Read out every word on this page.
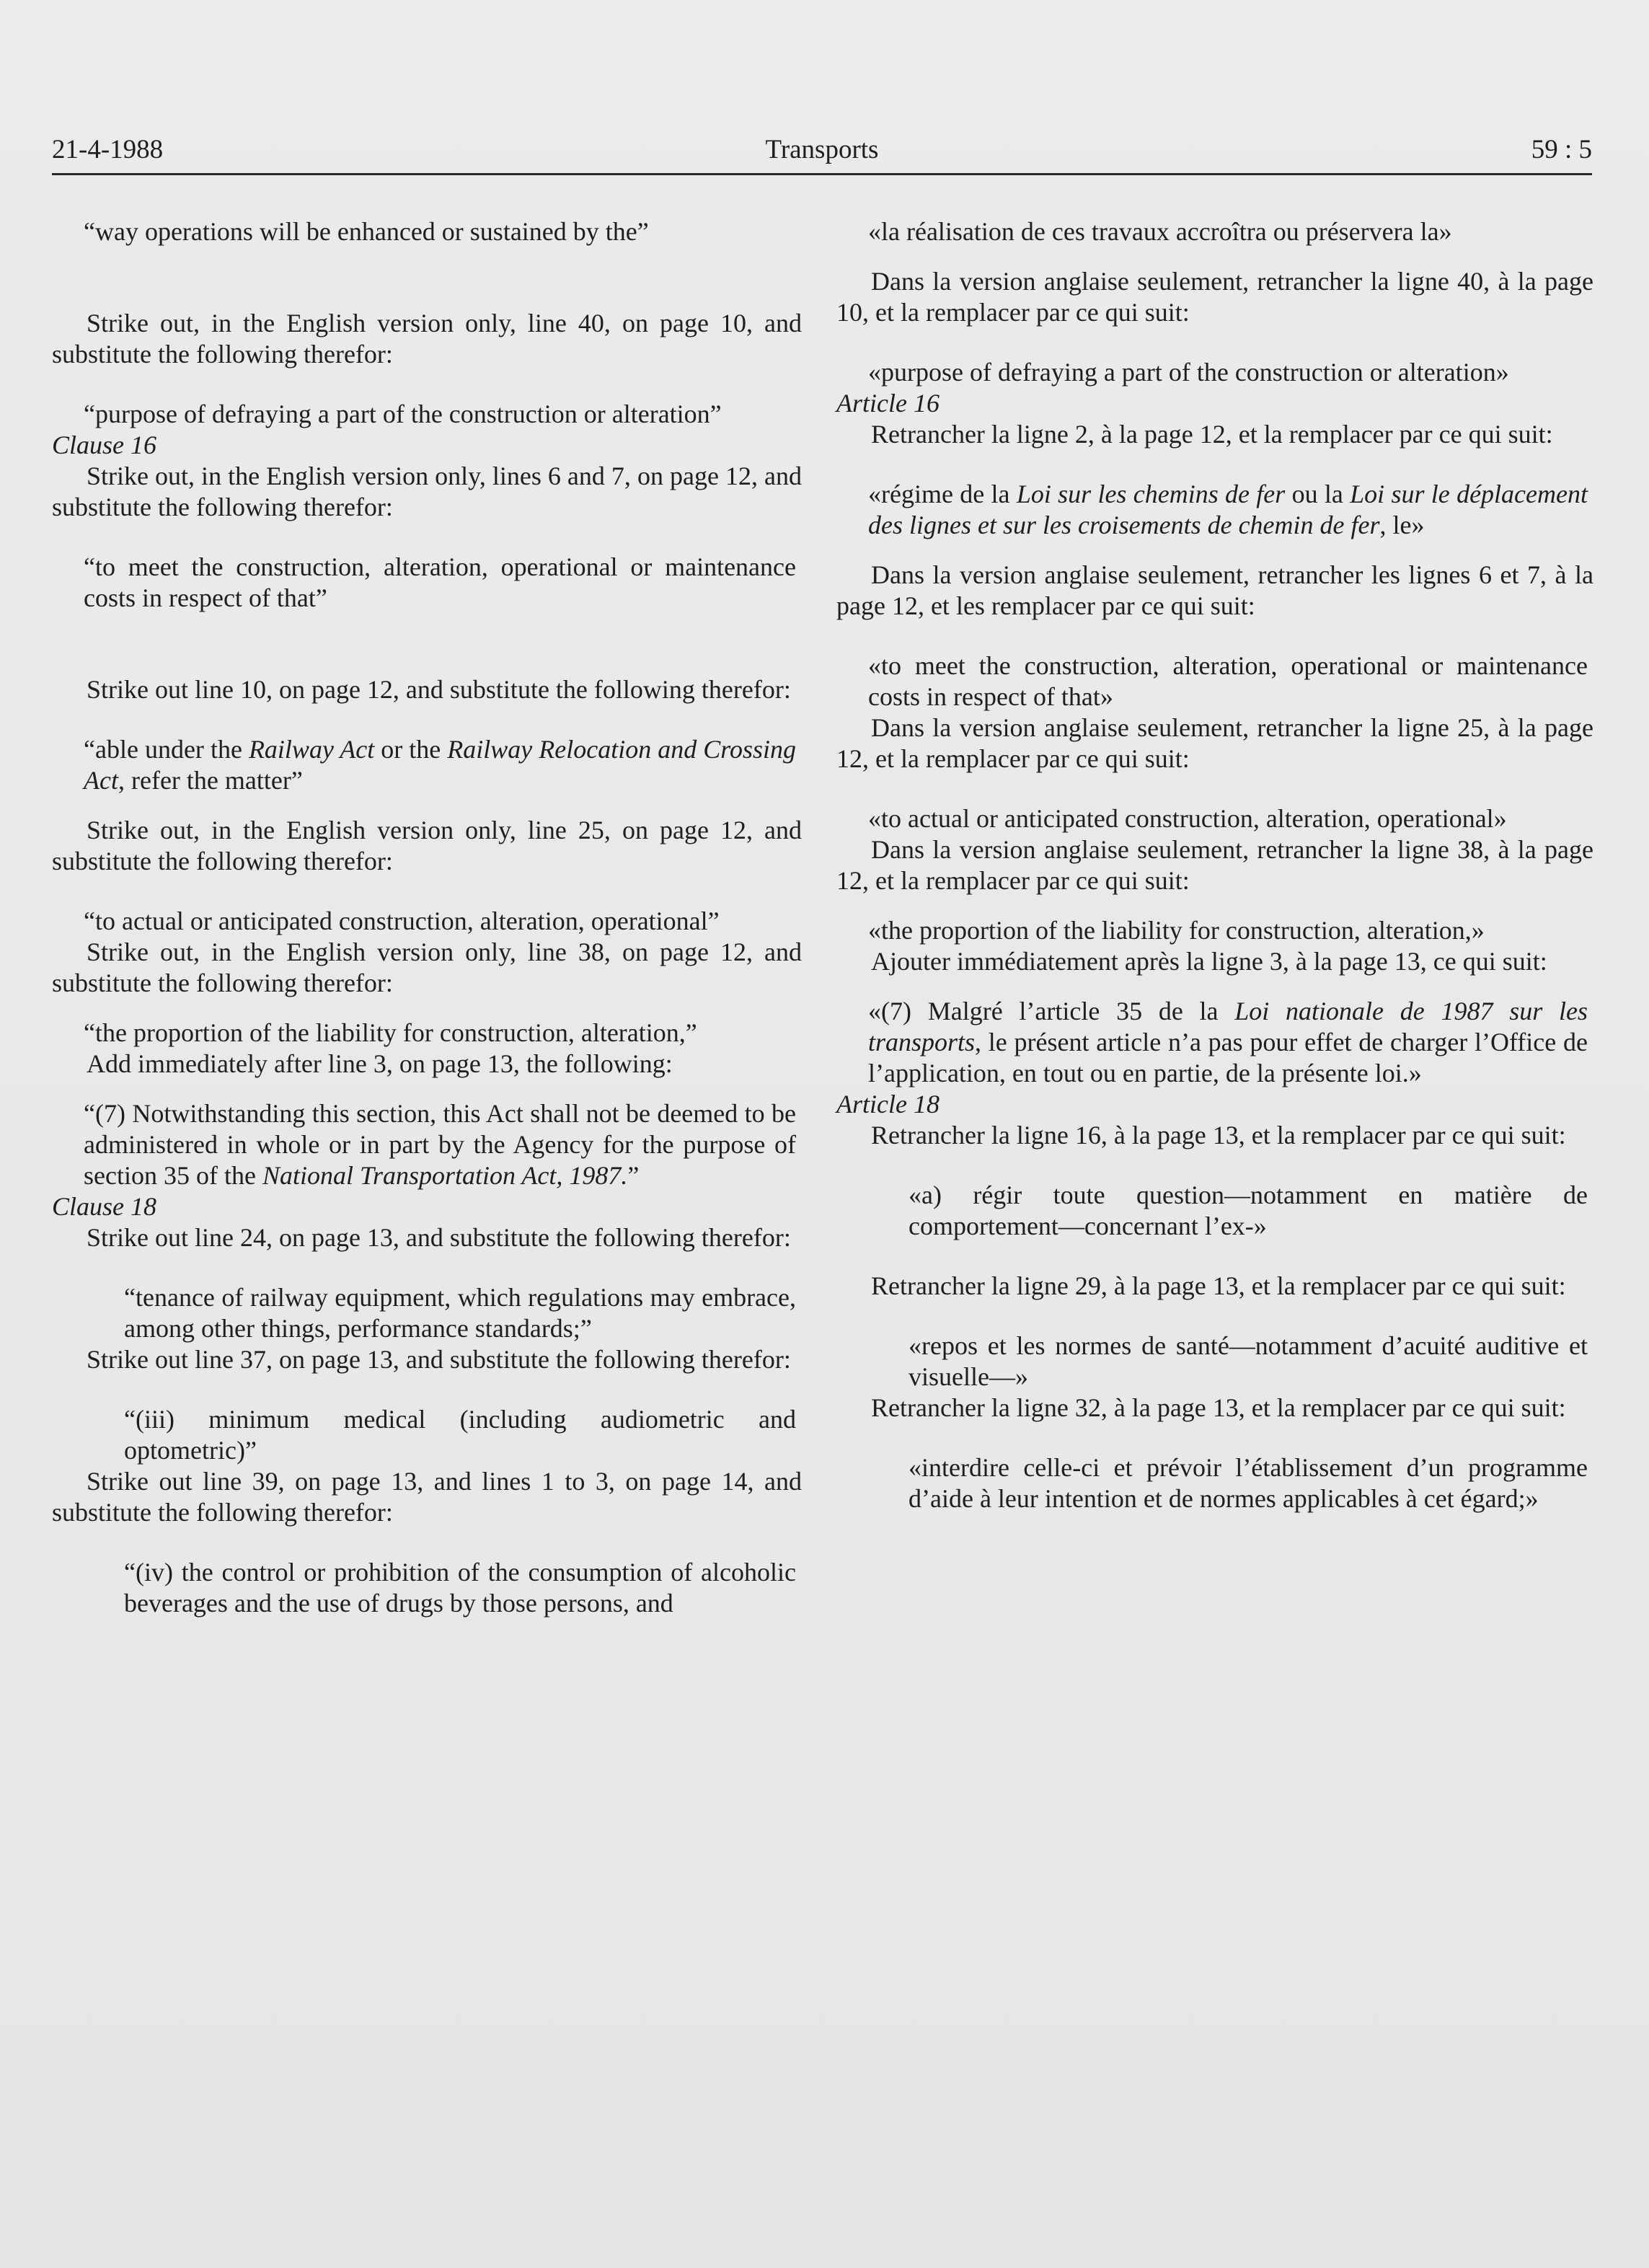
21-4-1988	Transports	59 : 5

“way operations will be enhanced or sustained by the”

Strike out, in the English version only, line 40, on page 10, and substitute the following therefor:

“purpose of defraying a part of the construction or alteration”

Clause 16

Strike out, in the English version only, lines 6 and 7, on page 12, and substitute the following therefor:

“to meet the construction, alteration, operational or maintenance costs in respect of that”

Strike out line 10, on page 12, and substitute the following therefor:

“able under the Railway Act or the Railway Relocation and Crossing Act, refer the matter”

Strike out, in the English version only, line 25, on page 12, and substitute the following therefor:

“to actual or anticipated construction, alteration, operational”

Strike out, in the English version only, line 38, on page 12, and substitute the following therefor:

“the proportion of the liability for construction, alteration,”

Add immediately after line 3, on page 13, the following:

“(7) Notwithstanding this section, this Act shall not be deemed to be administered in whole or in part by the Agency for the purpose of section 35 of the National Transportation Act, 1987.”

Clause 18

Strike out line 24, on page 13, and substitute the following therefor:

“tenance of railway equipment, which regulations may embrace, among other things, performance standards;”

Strike out line 37, on page 13, and substitute the following therefor:

“(iii) minimum medical (including audiometric and optometric)”

Strike out line 39, on page 13, and lines 1 to 3, on page 14, and substitute the following therefor:

“(iv) the control or prohibition of the consumption of alcoholic beverages and the use of drugs by those persons, and

«la réalisation de ces travaux accroîtra ou préservera la»

Dans la version anglaise seulement, retrancher la ligne 40, à la page 10, et la remplacer par ce qui suit:

«purpose of defraying a part of the construction or alteration»

Article 16

Retrancher la ligne 2, à la page 12, et la remplacer par ce qui suit:

«régime de la Loi sur les chemins de fer ou la Loi sur le déplacement des lignes et sur les croisements de chemin de fer, le»

Dans la version anglaise seulement, retrancher les lignes 6 et 7, à la page 12, et les remplacer par ce qui suit:

«to meet the construction, alteration, operational or maintenance costs in respect of that»

Dans la version anglaise seulement, retrancher la ligne 25, à la page 12, et la remplacer par ce qui suit:

«to actual or anticipated construction, alteration, operational»

Dans la version anglaise seulement, retrancher la ligne 38, à la page 12, et la remplacer par ce qui suit:

«the proportion of the liability for construction, alteration,»

Ajouter immédiatement après la ligne 3, à la page 13, ce qui suit:

«(7) Malgré l’article 35 de la Loi nationale de 1987 sur les transports, le présent article n’a pas pour effet de charger l’Office de l’application, en tout ou en partie, de la présente loi.»

Article 18

Retrancher la ligne 16, à la page 13, et la remplacer par ce qui suit:

«a) régir toute question—notamment en matière de comportement—concernant l’ex-»

Retrancher la ligne 29, à la page 13, et la remplacer par ce qui suit:

«repos et les normes de santé—notamment d’acuité auditive et visuelle—»

Retrancher la ligne 32, à la page 13, et la remplacer par ce qui suit:

«interdire celle-ci et prévoir l’établissement d’un programme d’aide à leur intention et de normes applicables à cet égard;»
